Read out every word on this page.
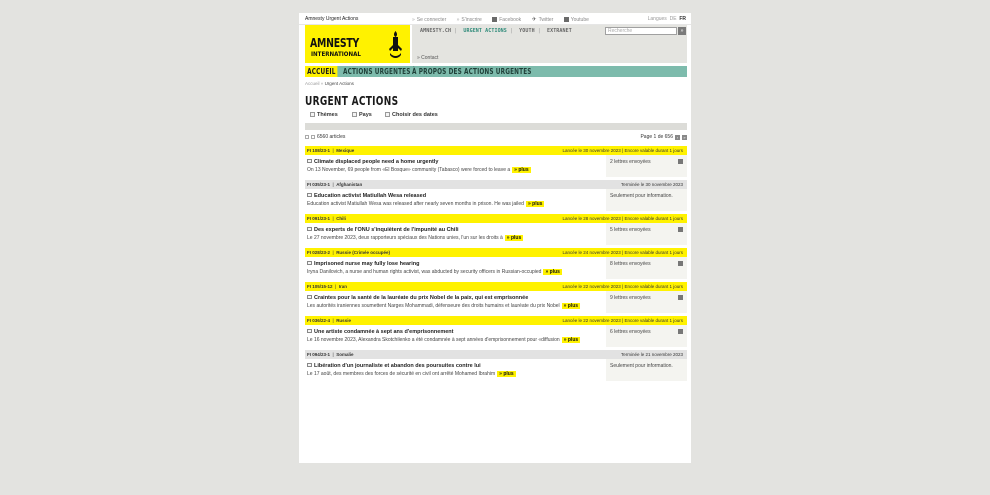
Amnesty Urgent Actions	» Se connecter » S'inscrire	Facebook ✈ Twitter	Youtube	Langues DE FR
AMNESTY
INTERNATIONAL
AMNESTY.CH | URGENT ACTIONS | YOUTH | EXTRANET	Recherche	»
» Contact
ACCUEIL ACTIONS URGENTES À PROPOS DES ACTIONS URGENTES
Accueil » Urgent Actions
URGENT ACTIONS
Thèmes	Pays	Choisir des dates
6560 articles	Page 1 de 656 › »
FI 108/23-1  |  Mexique	Lancée le 30 novembre 2023 | Encore valable durant 1 jours
Climate displaced people need a home urgently
On 13 November, 69 people from «El Bosque» community (Tabasco) were forced to leave a » plus
2 lettres envoyées
FI 035/23-1  |  Afghanistan	Terminée le 30 novembre 2023
Education activist Matiullah Wesa released
Education activist Matiullah Wesa was released after nearly seven months in prison. He was jailed » plus
Seulement pour information.
FI 091/23-1  |  Chili	Lancée le 28 novembre 2023 | Encore valable durant 1 jours
Des experts de l'ONU s'inquiètent de l'impunité au Chili
Le 27 novembre 2023, deux rapporteurs spéciaux des Nations unies, l'un sur les droits à » plus
5 lettres envoyées
FI 028/23-2  |  Russie (Crimée occupée)	Lancée le 24 novembre 2023 | Encore valable durant 1 jours
Imprisoned nurse may fully lose hearing
Iryna Danilovich, a nurse and human rights activist, was abducted by security officers in Russian-occupied » plus
8 lettres envoyées
FI 105/15-12  |  Iran	Lancée le 22 novembre 2023 | Encore valable durant 1 jours
Craintes pour la santé de la lauréate du prix Nobel de la paix, qui est emprisonnée
Les autorités iraniennes soumettent Narges Mohammadi, défenseure des droits humains et lauréate du prix Nobel » plus
9 lettres envoyées
FI 036/22-4  |  Russie	Lancée le 22 novembre 2023 | Encore valable durant 1 jours
Une artiste condamnée à sept ans d'emprisonnement
Le 16 novembre 2023, Alexandra Skotchilenko a été condamnée à sept années d'emprisonnement pour «diffusion » plus
6 lettres envoyées
FI 094/23-1  |  Somalie	Terminée le 21 novembre 2023
Libération d'un journaliste et abandon des poursuites contre lui
Le 17 août, des membres des forces de sécurité en civil ont arrêté Mohamed Ibrahim » plus
Seulement pour information.
